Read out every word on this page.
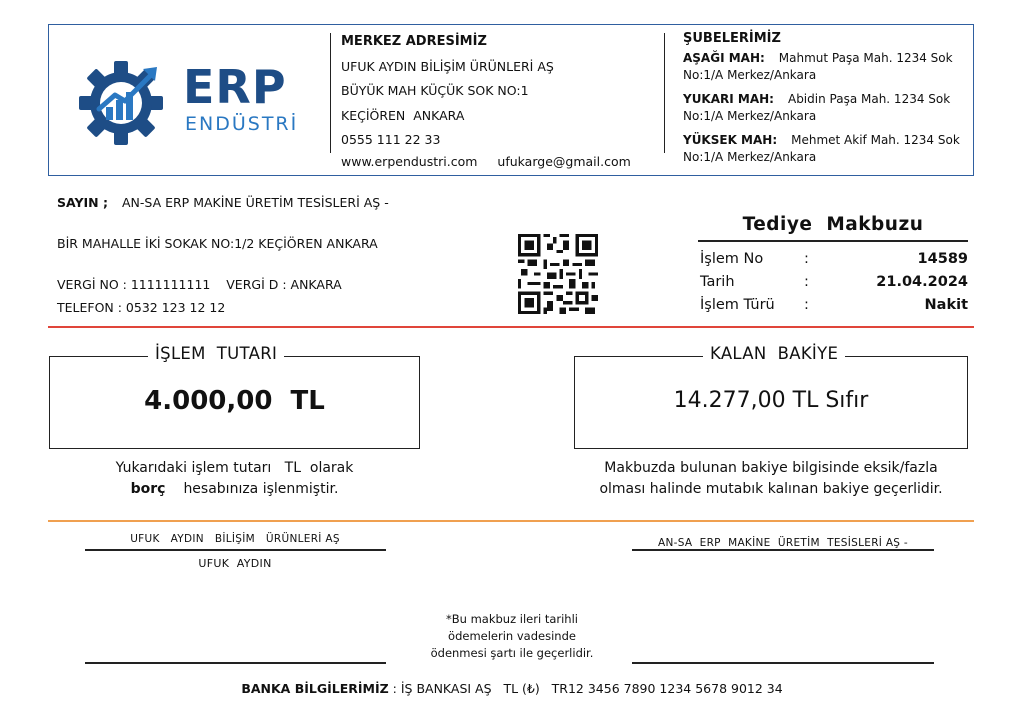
ERP
ENDÜSTRİ
MERKEZ ADRESİMİZ
UFUK AYDIN BİLİŞİM ÜRÜNLERİ AŞ
BÜYÜK MAH KÜÇÜK SOK NO:1
KEÇİÖREN  ANKARA
0555 111 22 33
www.erpendustri.com ufukarge@gmail.com
ŞUBELERİMİZ
AŞAĞI MAH: Mahmut Paşa Mah. 1234 Sok No:1/A Merkez/Ankara
YUKARI MAH: Abidin Paşa Mah. 1234 Sok No:1/A Merkez/Ankara
YÜKSEK MAH: Mehmet Akif Mah. 1234 Sok No:1/A Merkez/Ankara
SAYIN ; AN-SA ERP MAKİNE ÜRETİM TESİSLERİ AŞ -
BİR MAHALLE İKİ SOKAK NO:1/2 KEÇİÖREN ANKARA
VERGİ NO : 1111111111    VERGİ D : ANKARA
TELEFON : 0532 123 12 12
Tediye  Makbuzu
İşlem No	:	14589
Tarih	:	21.04.2024
İşlem Türü :	Nakit
İŞLEM  TUTARI
4.000,00  TL
Yukarıdaki işlem tutarı   TL  olarak
borç hesabınıza işlenmiştir.
KALAN  BAKİYE
14.277,00 TL Sıfır
Makbuzda bulunan bakiye bilgisinde eksik/fazla
olması halinde mutabık kalınan bakiye geçerlidir.
UFUK   AYDIN   BİLİŞİM   ÜRÜNLERİ AŞ
UFUK  AYDIN
AN-SA  ERP  MAKİNE  ÜRETİM  TESİSLERİ AŞ -
*Bu makbuz ileri tarihli
ödemelerin vadesinde
ödenmesi şartı ile geçerlidir.
BANKA BİLGİLERİMİZ : İŞ BANKASI AŞ   TL (₺)   TR12 3456 7890 1234 5678 9012 34
